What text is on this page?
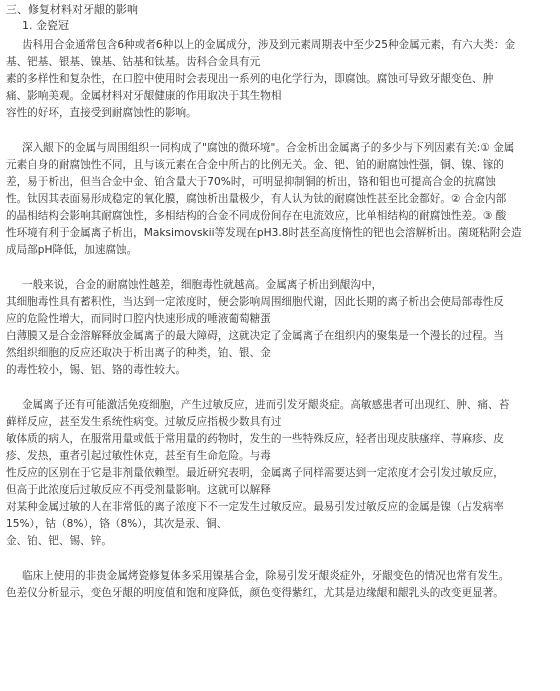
三、修复材料对牙龈的影响
1. 金瓷冠
齿科用合金通常包含6种或者6种以上的金属成分，涉及到元素周期表中至少25种金属元素，有六大类：金
基、钯基、银基、镍基、钴基和钛基。齿科合金具有元
素的多样性和复杂性，在口腔中使用时会表现出一系列的电化学行为，即腐蚀。腐蚀可导致牙龈变色、肿
痛、影响美观。金属材料对牙龈健康的作用取决于其生物相
容性的好坏，直接受到耐腐蚀性的影响。
深入龈下的金属与周围组织一同构成了"腐蚀的微环境"。合金析出金属离子的多少与下列因素有关:① 金属
元素自身的耐腐蚀性不同，且与该元素在合金中所占的比例无关。金、钯、铂的耐腐蚀性强，铜、镍、镓的
差，易于析出，但当合金中金、铂含量大于70%时，可明显抑制铜的析出，铬和钼也可提高合金的抗腐蚀
性。钛因其表面易形成稳定的氧化膜，腐蚀析出量极少，有人认为钛的耐腐蚀性甚至比金都好。② 合金内部
的晶相结构会影响其耐腐蚀性，多相结构的合金不同成份间存在电流效应，比单相结构的耐腐蚀性差。③ 酸
性环境有利于金属离子析出，Maksimovskii等发现在pH3.8时甚至高度惰性的钯也会溶解析出。菌斑粘附会造
成局部pH降低，加速腐蚀。
一般来说，合金的耐腐蚀性越差，细胞毒性就越高。金属离子析出到龈沟中，
其细胞毒性具有蓄积性，当达到一定浓度时，便会影响周围细胞代谢，因此长期的离子析出会使局部毒性反
应的危险性增大，而同时口腔内快速形成的唾液葡萄糖蛋
白薄膜又是合金溶解释放金属离子的最大障碍，这就决定了金属离子在组织内的聚集是一个漫长的过程。当
然组织细胞的反应还取决于析出离子的种类，铂、银、金
的毒性较小，锡、铝、铬的毒性较大。
金属离子还有可能激活免疫细胞，产生过敏反应，进而引发牙龈炎症。高敏感患者可出现红、肿、痛、苔
藓样反应，甚至发生系统性病变。过敏反应指极少数具有过
敏体质的病人，在服常用量或低于常用量的药物时，发生的一些特殊反应，轻者出现皮肤瘙痒、荨麻疹、皮
疹、发热，重者引起过敏性休克，甚至有生命危险。与毒
性反应的区别在于它是非剂量依赖型。最近研究表明，金属离子同样需要达到一定浓度才会引发过敏反应，
但高于此浓度后过敏反应不再受剂量影响。这就可以解释
对某种金属过敏的人在非常低的离子浓度下不一定发生过敏反应。最易引发过敏反应的金属是镍（占发病率
15%），钴（8%），铬（8%），其次是汞、铜、
金、铂、钯、锡、锌。
临床上使用的非贵金属烤瓷修复体多采用镍基合金，除易引发牙龈炎症外，牙龈变色的情况也常有发生。
色差仪分析显示，变色牙龈的明度值和饱和度降低，颜色变得紫红，尤其是边缘龈和龈乳头的改变更显著。
